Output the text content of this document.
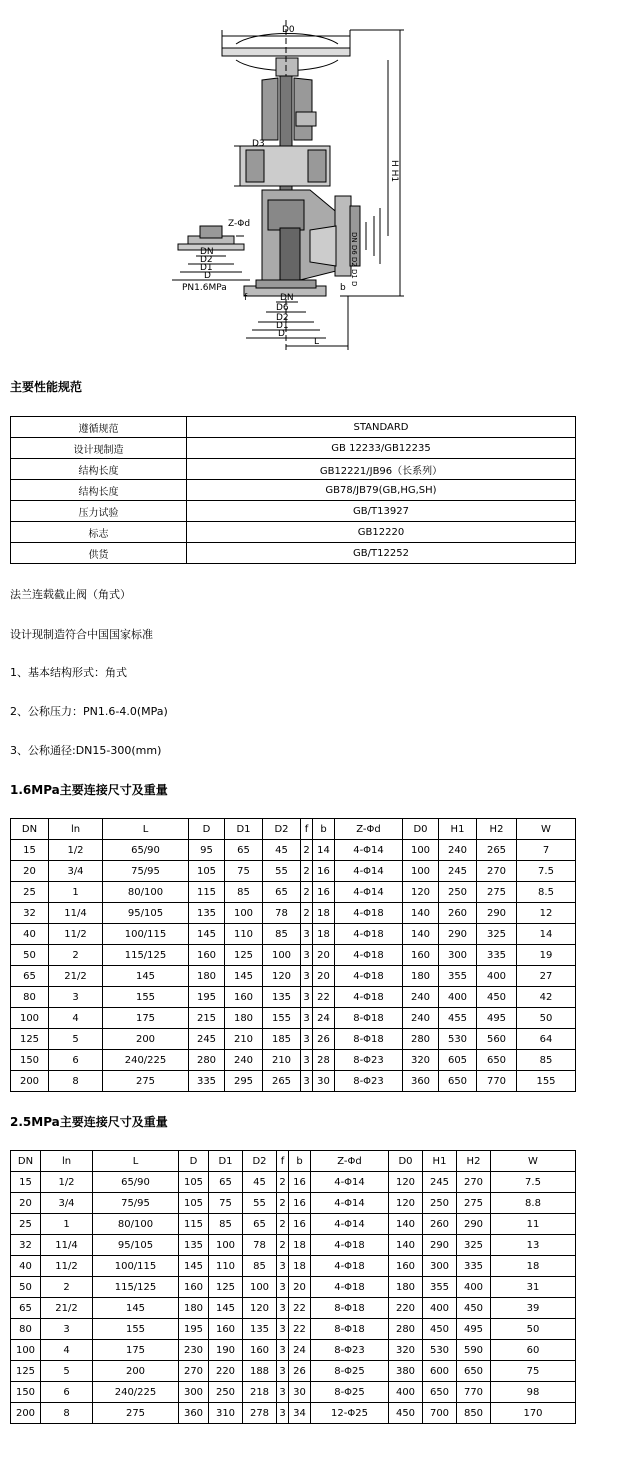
D0
D3
H H1
Z-Φd
DN
D2
D1
D
PN1.6MPa
DN
D6
D2
D1
D
L
b
f
DN D6 D2 D1 D
主要性能规范
遵循规范	STANDARD
设计现制造	GB 12233/GB12235
结构长度	GB12221/JB96（长系列）
结构长度	GB78/JB79(GB,HG,SH)
压力试验	GB/T13927
标志	GB12220
供货	GB/T12252
法兰连载截止阀（角式）
设计现制造符合中国国家标准
1、基本结构形式：角式
2、公称压力：PN1.6-4.0(MPa)
3、公称通径:DN15-300(mm)
1.6MPa主要连接尺寸及重量
DN	ln	L	D	D1	D2	f	b	Z-Φd	D0	H1	H2	W
15	1/2	65/90	95	65	45	2	14	4-Φ14	100	240	265	7
20	3/4	75/95	105	75	55	2	16	4-Φ14	100	245	270	7.5
25	1	80/100	115	85	65	2	16	4-Φ14	120	250	275	8.5
32	11/4	95/105	135	100	78	2	18	4-Φ18	140	260	290	12
40	11/2	100/115	145	110	85	3	18	4-Φ18	140	290	325	14
50	2	115/125	160	125	100	3	20	4-Φ18	160	300	335	19
65	21/2	145	180	145	120	3	20	4-Φ18	180	355	400	27
80	3	155	195	160	135	3	22	4-Φ18	240	400	450	42
100	4	175	215	180	155	3	24	8-Φ18	240	455	495	50
125	5	200	245	210	185	3	26	8-Φ18	280	530	560	64
150	6	240/225	280	240	210	3	28	8-Φ23	320	605	650	85
200	8	275	335	295	265	3	30	8-Φ23	360	650	770	155
2.5MPa主要连接尺寸及重量
DN	ln	L	D	D1	D2	f	b	Z-Φd	D0	H1	H2	W
15	1/2	65/90	105	65	45	2	16	4-Φ14	120	245	270	7.5
20	3/4	75/95	105	75	55	2	16	4-Φ14	120	250	275	8.8
25	1	80/100	115	85	65	2	16	4-Φ14	140	260	290	11
32	11/4	95/105	135	100	78	2	18	4-Φ18	140	290	325	13
40	11/2	100/115	145	110	85	3	18	4-Φ18	160	300	335	18
50	2	115/125	160	125	100	3	20	4-Φ18	180	355	400	31
65	21/2	145	180	145	120	3	22	8-Φ18	220	400	450	39
80	3	155	195	160	135	3	22	8-Φ18	280	450	495	50
100	4	175	230	190	160	3	24	8-Φ23	320	530	590	60
125	5	200	270	220	188	3	26	8-Φ25	380	600	650	75
150	6	240/225	300	250	218	3	30	8-Φ25	400	650	770	98
200	8	275	360	310	278	3	34	12-Φ25	450	700	850	170
